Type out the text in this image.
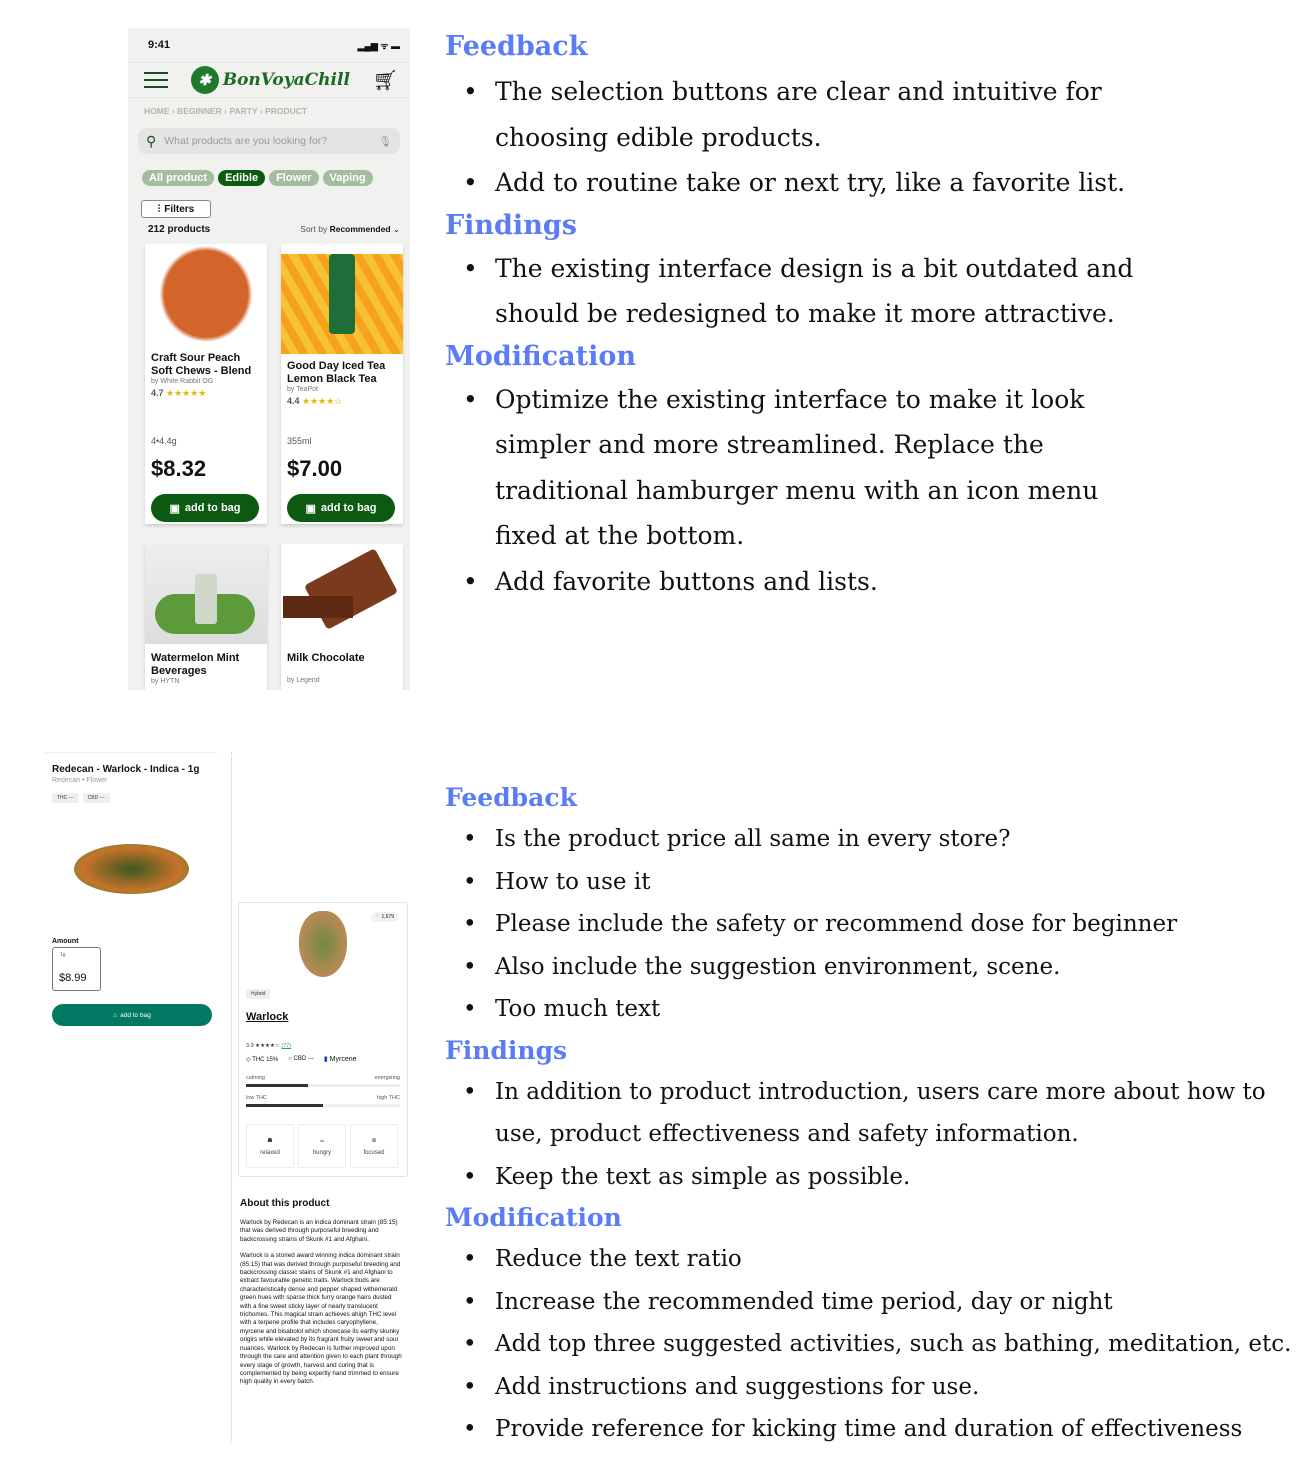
9:41	▂▄▆ ᯤ ▬
✱ BonVoyaChill 🛒︎
HOME › BEGINNER › PARTY › PRODUCT
⚲ What products are you looking for?	🎙︎
All product	Edible	Flower	Vaping
⫶ Filters
212 products	Sort by Recommended ⌄
Craft Sour Peach Soft Chews - Blend
by White Rabbit OG
4.7 ★★★★★
4•4.4g
$8.32
▣ add to bag
Good Day Iced Tea Lemon Black Tea
by TeaPot
4.4 ★★★★☆
355ml
$7.00
▣ add to bag
Watermelon Mint Beverages
by HYTN
Milk Chocolate
by Legend
Redecan - Warlock - Indica - 1g
Redecan • Flower
THC ---	CBD ---
Amount
1g
$8.99
⌂ add to bag
♡ 1,679
Hybrid
Warlock
3.9 ★★★★☆ (77)
◇ THC 15% ○ CBD --- ▮ Myrcene
calming	energizing
low THC	high THC
☗
relaxed
☕︎
hungry
⊕
focused
About this product

Warlock by Redecan is an indica dominant strain (85:15) that was derived through purposeful breeding and backcrossing strains of Skunk #1 and Afghani.

Warlock is a storied award winning indica dominant strain (85:15) that was derived through purposeful breeding and backcrossing classic stains of Skunk #1 and Afghani to extract favourable genetic traits. Warlock buds are characteristically dense and pepper shaped withemerald green hues with sparse thick furry orange hairs dusted with a fine sweet sticky layer of nearly translucent trichomes. This magical strain achieves ahigh THC level with a terpene profile that includes caryophyllene, myrcene and bisabolol which showcase its earthy skunky origirs while elevated by its fragrant fruity sweet and sour nuances. Warlock by Redecan is further improved upon through the care and attention given to each plant through every stage of growth, harvest and curing that is complemented by being expertly hand trimmed to ensure high quality in every batch.

Feedback
• The selection buttons are clear and intuitive for choosing edible products.
• Add to routine take or next try, like a favorite list.
Findings
• The existing interface design is a bit outdated and should be redesigned to make it more attractive.
Modification
• Optimize the existing interface to make it look simpler and more streamlined. Replace the traditional hamburger menu with an icon menu fixed at the bottom.
• Add favorite buttons and lists.
Feedback
• Is the product price all same in every store?
• How to use it
• Please include the safety or recommend dose for beginner
• Also include the suggestion environment, scene.
• Too much text
Findings
• In addition to product introduction, users care more about how to use, product effectiveness and safety information.
• Keep the text as simple as possible.
Modification
• Reduce the text ratio
• Increase the recommended time period, day or night
• Add top three suggested activities, such as bathing, meditation, etc.
• Add instructions and suggestions for use.
• Provide reference for kicking time and duration of effectiveness
